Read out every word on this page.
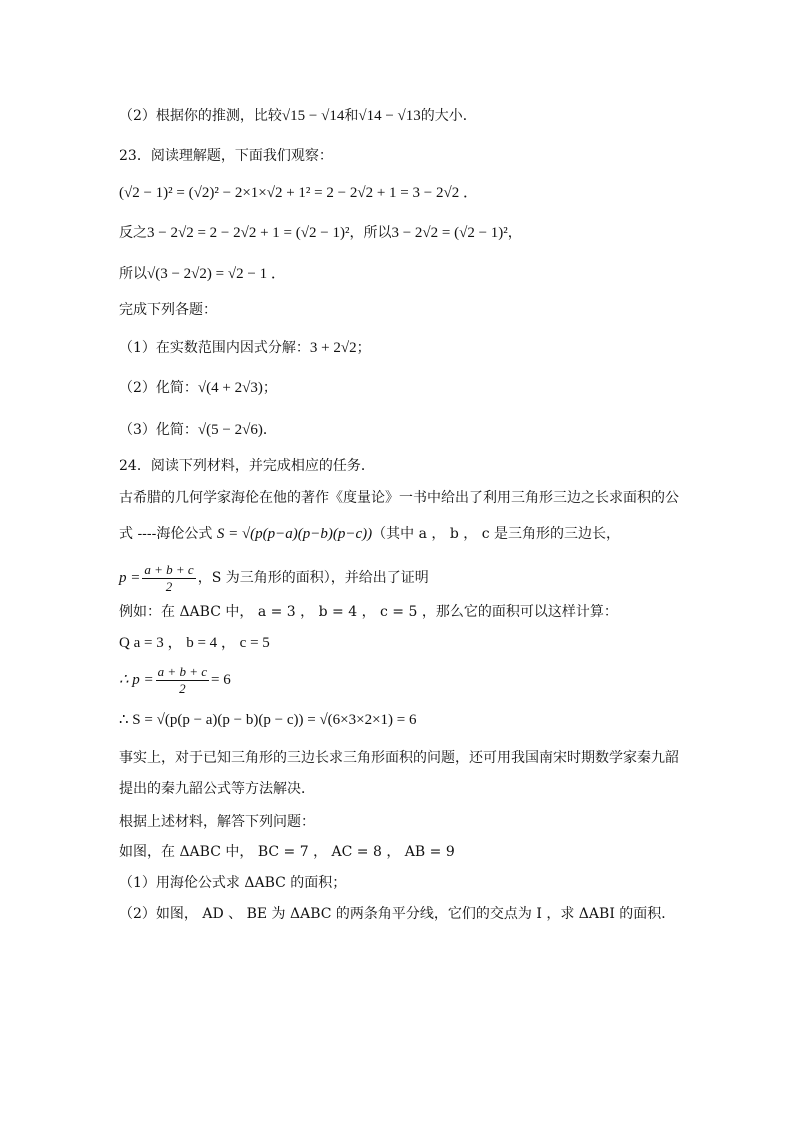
（2）根据你的推测，比较√15 − √14和√14 − √13的大小．
23．阅读理解题，下面我们观察：
(√2 − 1)² = (√2)² − 2×1×√2 + 1² = 2 − 2√2 + 1 = 3 − 2√2 ．
反之3 − 2√2 = 2 − 2√2 + 1 = (√2 − 1)²，所以3 − 2√2 = (√2 − 1)²，
所以√(3 − 2√2) = √2 − 1 ．
完成下列各题：
（1）在实数范围内因式分解：3 + 2√2；
（2）化简：√(4 + 2√3)；
（3）化简：√(5 − 2√6)．
24．阅读下列材料，并完成相应的任务．
古希腊的几何学家海伦在他的著作《度量论》一书中给出了利用三角形三边之长求面积的公
式 ----海伦公式 S = √(p(p−a)(p−b)(p−c))（其中 a ， b ， c 是三角形的三边长，
$p = \frac{a + b + c}{2}$ ，S 为三角形的面积），并给出了证明
例如：在 ΔABC 中， a = 3 ， b = 4 ， c = 5 ，那么它的面积可以这样计算：
Q a = 3 ， b = 4 ， c = 5
∴ $p = \frac{a + b + c}{2} = 6$
∴ S = √(p(p − a)(p − b)(p − c)) = √(6×3×2×1) = 6
事实上，对于已知三角形的三边长求三角形面积的问题，还可用我国南宋时期数学家秦九韶
提出的秦九韶公式等方法解决．
根据上述材料，解答下列问题：
如图，在 ΔABC 中， BC = 7 ， AC = 8 ， AB = 9
（1）用海伦公式求 ΔABC 的面积；
（2）如图， AD 、 BE 为 ΔABC 的两条角平分线，它们的交点为 I ，求 ΔABI 的面积．
